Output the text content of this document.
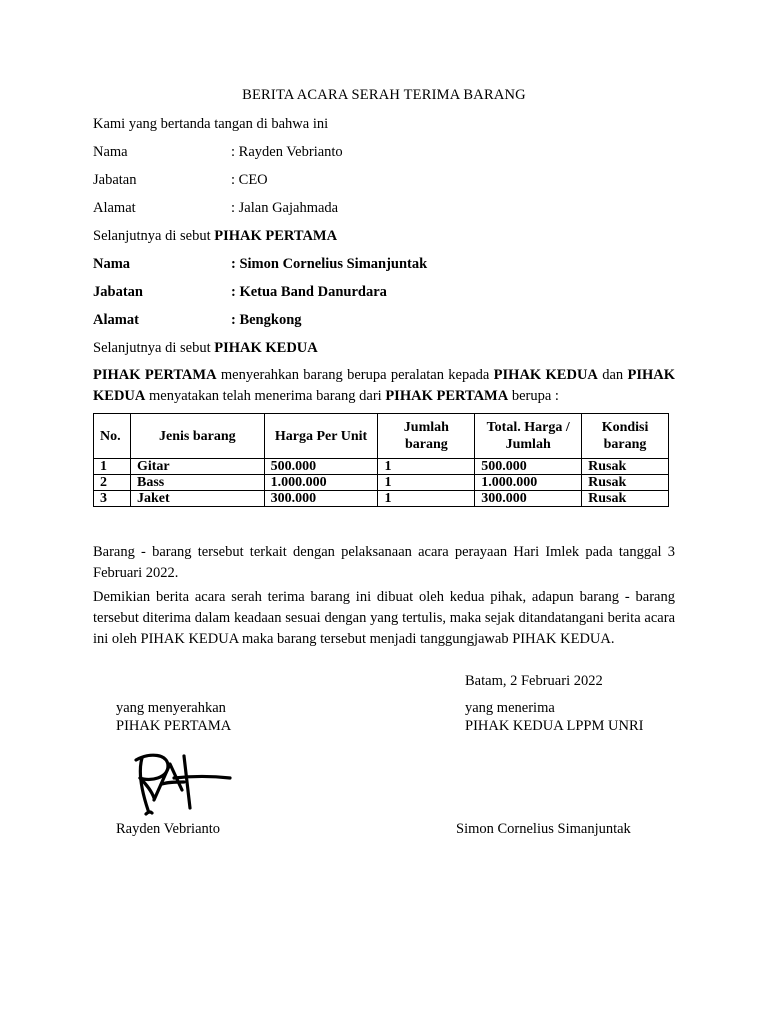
BERITA ACARA SERAH TERIMA BARANG
Kami yang bertanda tangan di bahwa ini
Nama	: Rayden Vebrianto
Jabatan	: CEO
Alamat	: Jalan Gajahmada
Selanjutnya di sebut PIHAK PERTAMA
Nama	: Simon Cornelius Simanjuntak
Jabatan	: Ketua Band Danurdara
Alamat	: Bengkong
Selanjutnya di sebut PIHAK KEDUA
PIHAK PERTAMA menyerahkan barang berupa peralatan kepada PIHAK KEDUA dan PIHAK KEDUA menyatakan telah menerima barang dari PIHAK PERTAMA berupa :
No.	Jenis barang	Harga Per Unit	Jumlah barang	Total. Harga / Jumlah	Kondisi barang
1	Gitar	500.000	1	500.000	Rusak
2	Bass	1.000.000	1	1.000.000	Rusak
3	Jaket	300.000	1	300.000	Rusak
Barang - barang tersebut terkait dengan pelaksanaan acara perayaan Hari Imlek pada tanggal 3 Februari 2022.
Demikian berita acara serah terima barang ini dibuat oleh kedua pihak, adapun barang - barang tersebut diterima dalam keadaan sesuai dengan yang tertulis, maka sejak ditandatangani berita acara ini oleh PIHAK KEDUA maka barang tersebut menjadi tanggungjawab PIHAK KEDUA.
Batam, 2 Februari 2022
yang menyerahkan
PIHAK PERTAMA
yang menerima
PIHAK KEDUA LPPM UNRI
Rayden Vebrianto	Simon Cornelius Simanjuntak
